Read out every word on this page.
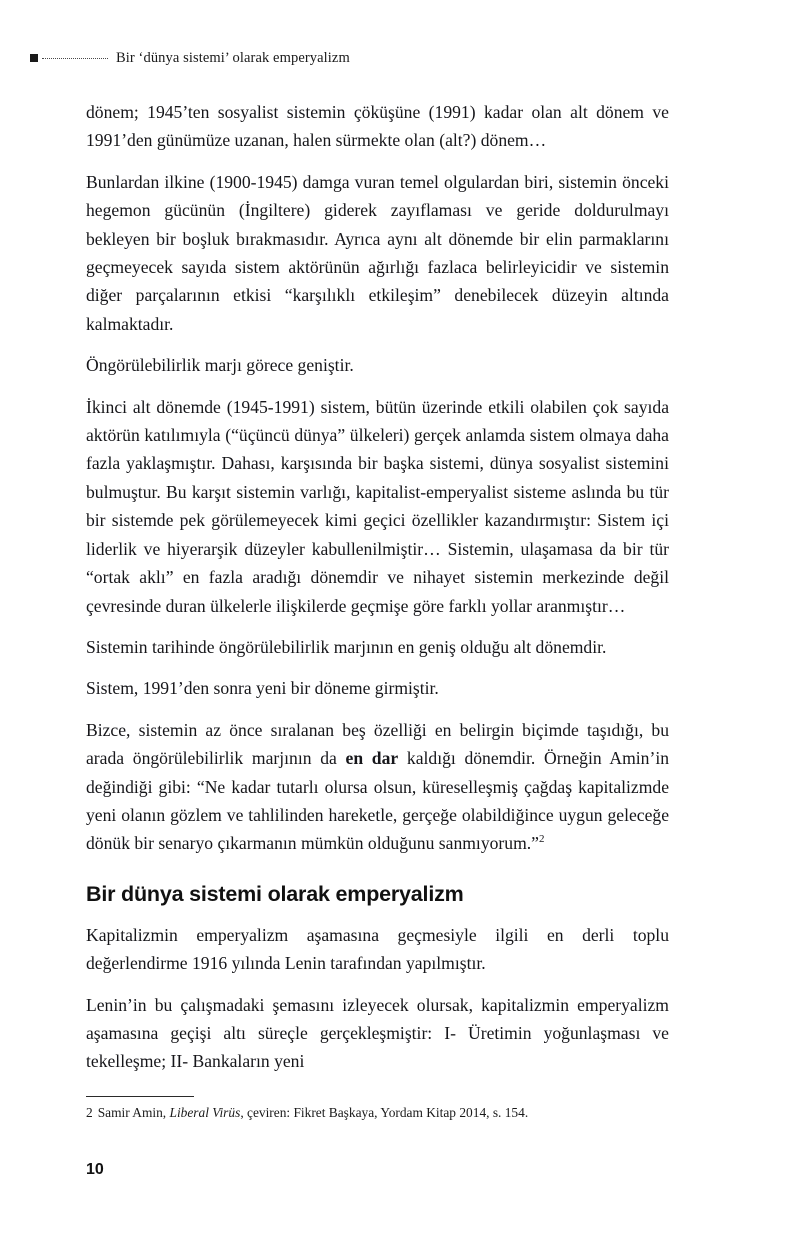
Bir ‘dünya sistemi’ olarak emperyalizm

dönem; 1945’ten sosyalist sistemin çöküşüne (1991) kadar olan alt dönem ve 1991’den günümüze uzanan, halen sürmekte olan (alt?) dönem…

Bunlardan ilkine (1900-1945) damga vuran temel olgulardan biri, sistemin önceki hegemon gücünün (İngiltere) giderek zayıflaması ve geride doldurulmayı bekleyen bir boşluk bırakmasıdır. Ayrıca aynı alt dönemde bir elin parmaklarını geçmeyecek sayıda sistem aktörünün ağırlığı fazlaca belirleyicidir ve sistemin diğer parçalarının etkisi “karşılıklı etkileşim” denebilecek düzeyin altında kalmaktadır.

Öngörülebilirlik marjı görece geniştir.

İkinci alt dönemde (1945-1991) sistem, bütün üzerinde etkili olabilen çok sayıda aktörün katılımıyla (“üçüncü dünya” ülkeleri) gerçek anlamda sistem olmaya daha fazla yaklaşmıştır. Dahası, karşısında bir başka sistemi, dünya sosyalist sistemini bulmuştur. Bu karşıt sistemin varlığı, kapitalist-emperyalist sisteme aslında bu tür bir sistemde pek görülemeyecek kimi geçici özellikler kazandırmıştır: Sistem içi liderlik ve hiyerarşik düzeyler kabullenilmiştir… Sistemin, ulaşamasa da bir tür “ortak aklı” en fazla aradığı dönemdir ve nihayet sistemin merkezinde değil çevresinde duran ülkelerle ilişkilerde geçmişe göre farklı yollar aranmıştır…

Sistemin tarihinde öngörülebilirlik marjının en geniş olduğu alt dönemdir.

Sistem, 1991’den sonra yeni bir döneme girmiştir.

Bizce, sistemin az önce sıralanan beş özelliği en belirgin biçimde taşıdığı, bu arada öngörülebilirlik marjının da en dar kaldığı dönemdir. Örneğin Amin’in değindiği gibi: “Ne kadar tutarlı olursa olsun, küreselleşmiş çağdaş kapitalizmde yeni olanın gözlem ve tahlilinden hareketle, gerçeğe olabildiğince uygun geleceğe dönük bir senaryo çıkarmanın mümkün olduğunu sanmıyorum.”$^2$

Bir dünya sistemi olarak emperyalizm

Kapitalizmin emperyalizm aşamasına geçmesiyle ilgili en derli toplu değerlendirme 1916 yılında Lenin tarafından yapılmıştır.

Lenin’in bu çalışmadaki şemasını izleyecek olursak, kapitalizmin emperyalizm aşamasına geçişi altı süreçle gerçekleşmiştir: I- Üretimin yoğunlaşması ve tekelleşme; II- Bankaların yeni

2 Samir Amin, Liberal Virüs, çeviren: Fikret Başkaya, Yordam Kitap 2014, s. 154.
10
